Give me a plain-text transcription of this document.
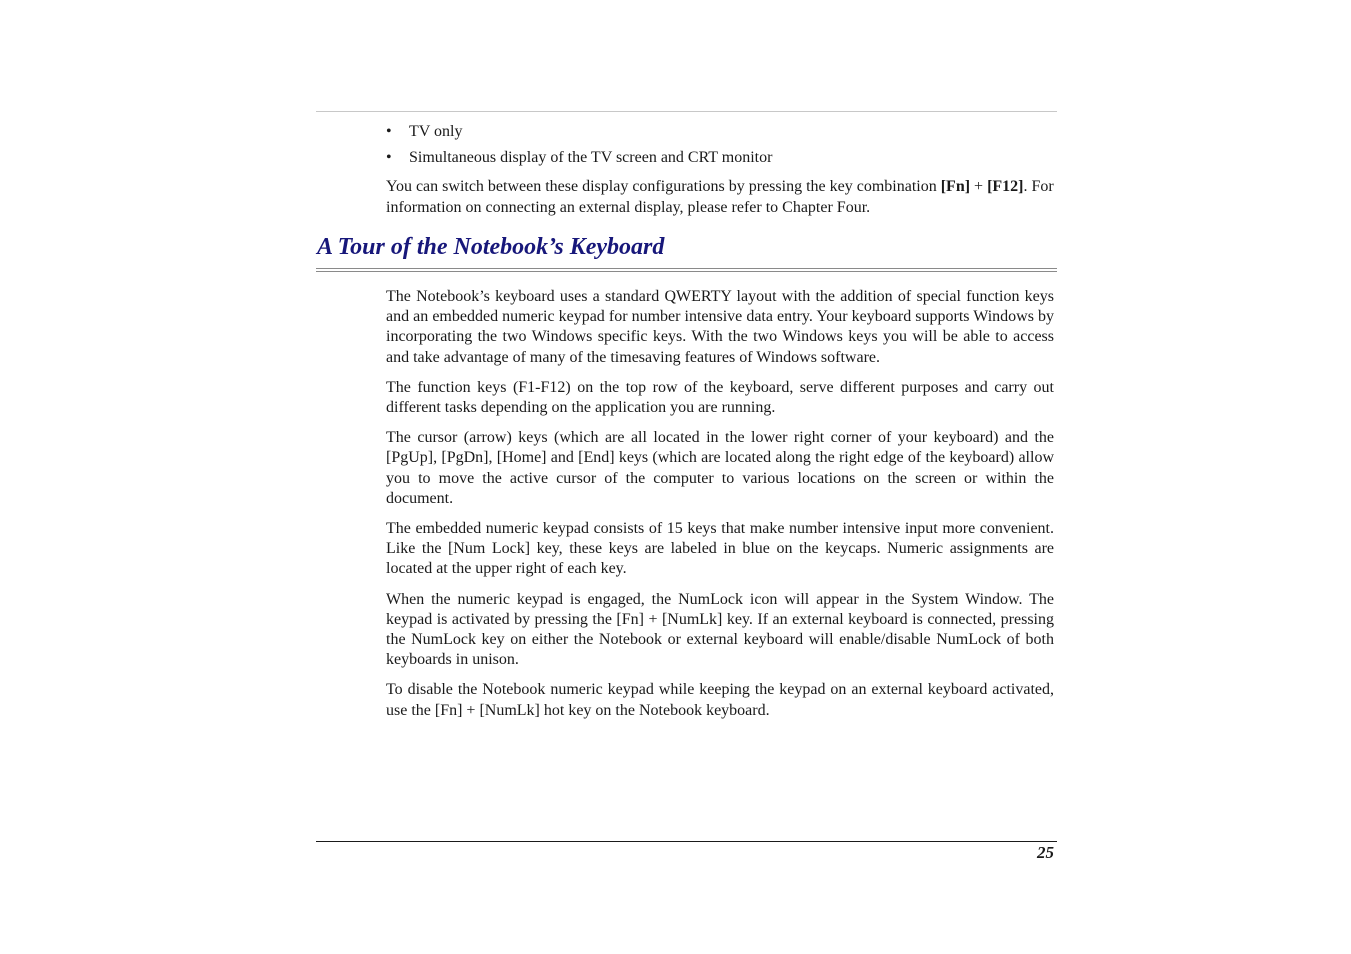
• TV only
• Simultaneous display of the TV screen and CRT monitor

You can switch between these display configurations by pressing the key combination [Fn] + [F12]. For information on connecting an external display, please refer to Chapter Four.

A Tour of the Notebook’s Keyboard

The Notebook’s keyboard uses a standard QWERTY layout with the addition of special function keys and an embedded numeric keypad for number intensive data entry. Your keyboard supports Windows by incorporating the two Windows specific keys. With the two Windows keys you will be able to access and take advantage of many of the timesaving features of Windows software.

The function keys (F1-F12) on the top row of the keyboard, serve different purposes and carry out different tasks depending on the application you are running.

The cursor (arrow) keys (which are all located in the lower right corner of your keyboard) and the [PgUp], [PgDn], [Home] and [End] keys (which are located along the right edge of the keyboard) allow you to move the active cursor of the computer to various locations on the screen or within the document.

The embedded numeric keypad consists of 15 keys that make number intensive input more convenient. Like the [Num Lock] key, these keys are labeled in blue on the keycaps. Numeric assignments are located at the upper right of each key.

When the numeric keypad is engaged, the NumLock icon will appear in the System Window. The keypad is activated by pressing the [Fn] + [NumLk] key. If an external keyboard is connected, pressing the NumLock key on either the Notebook or external keyboard will enable/disable NumLock of both keyboards in unison.

To disable the Notebook numeric keypad while keeping the keypad on an external keyboard activated, use the [Fn] + [NumLk] hot key on the Notebook keyboard.

25
